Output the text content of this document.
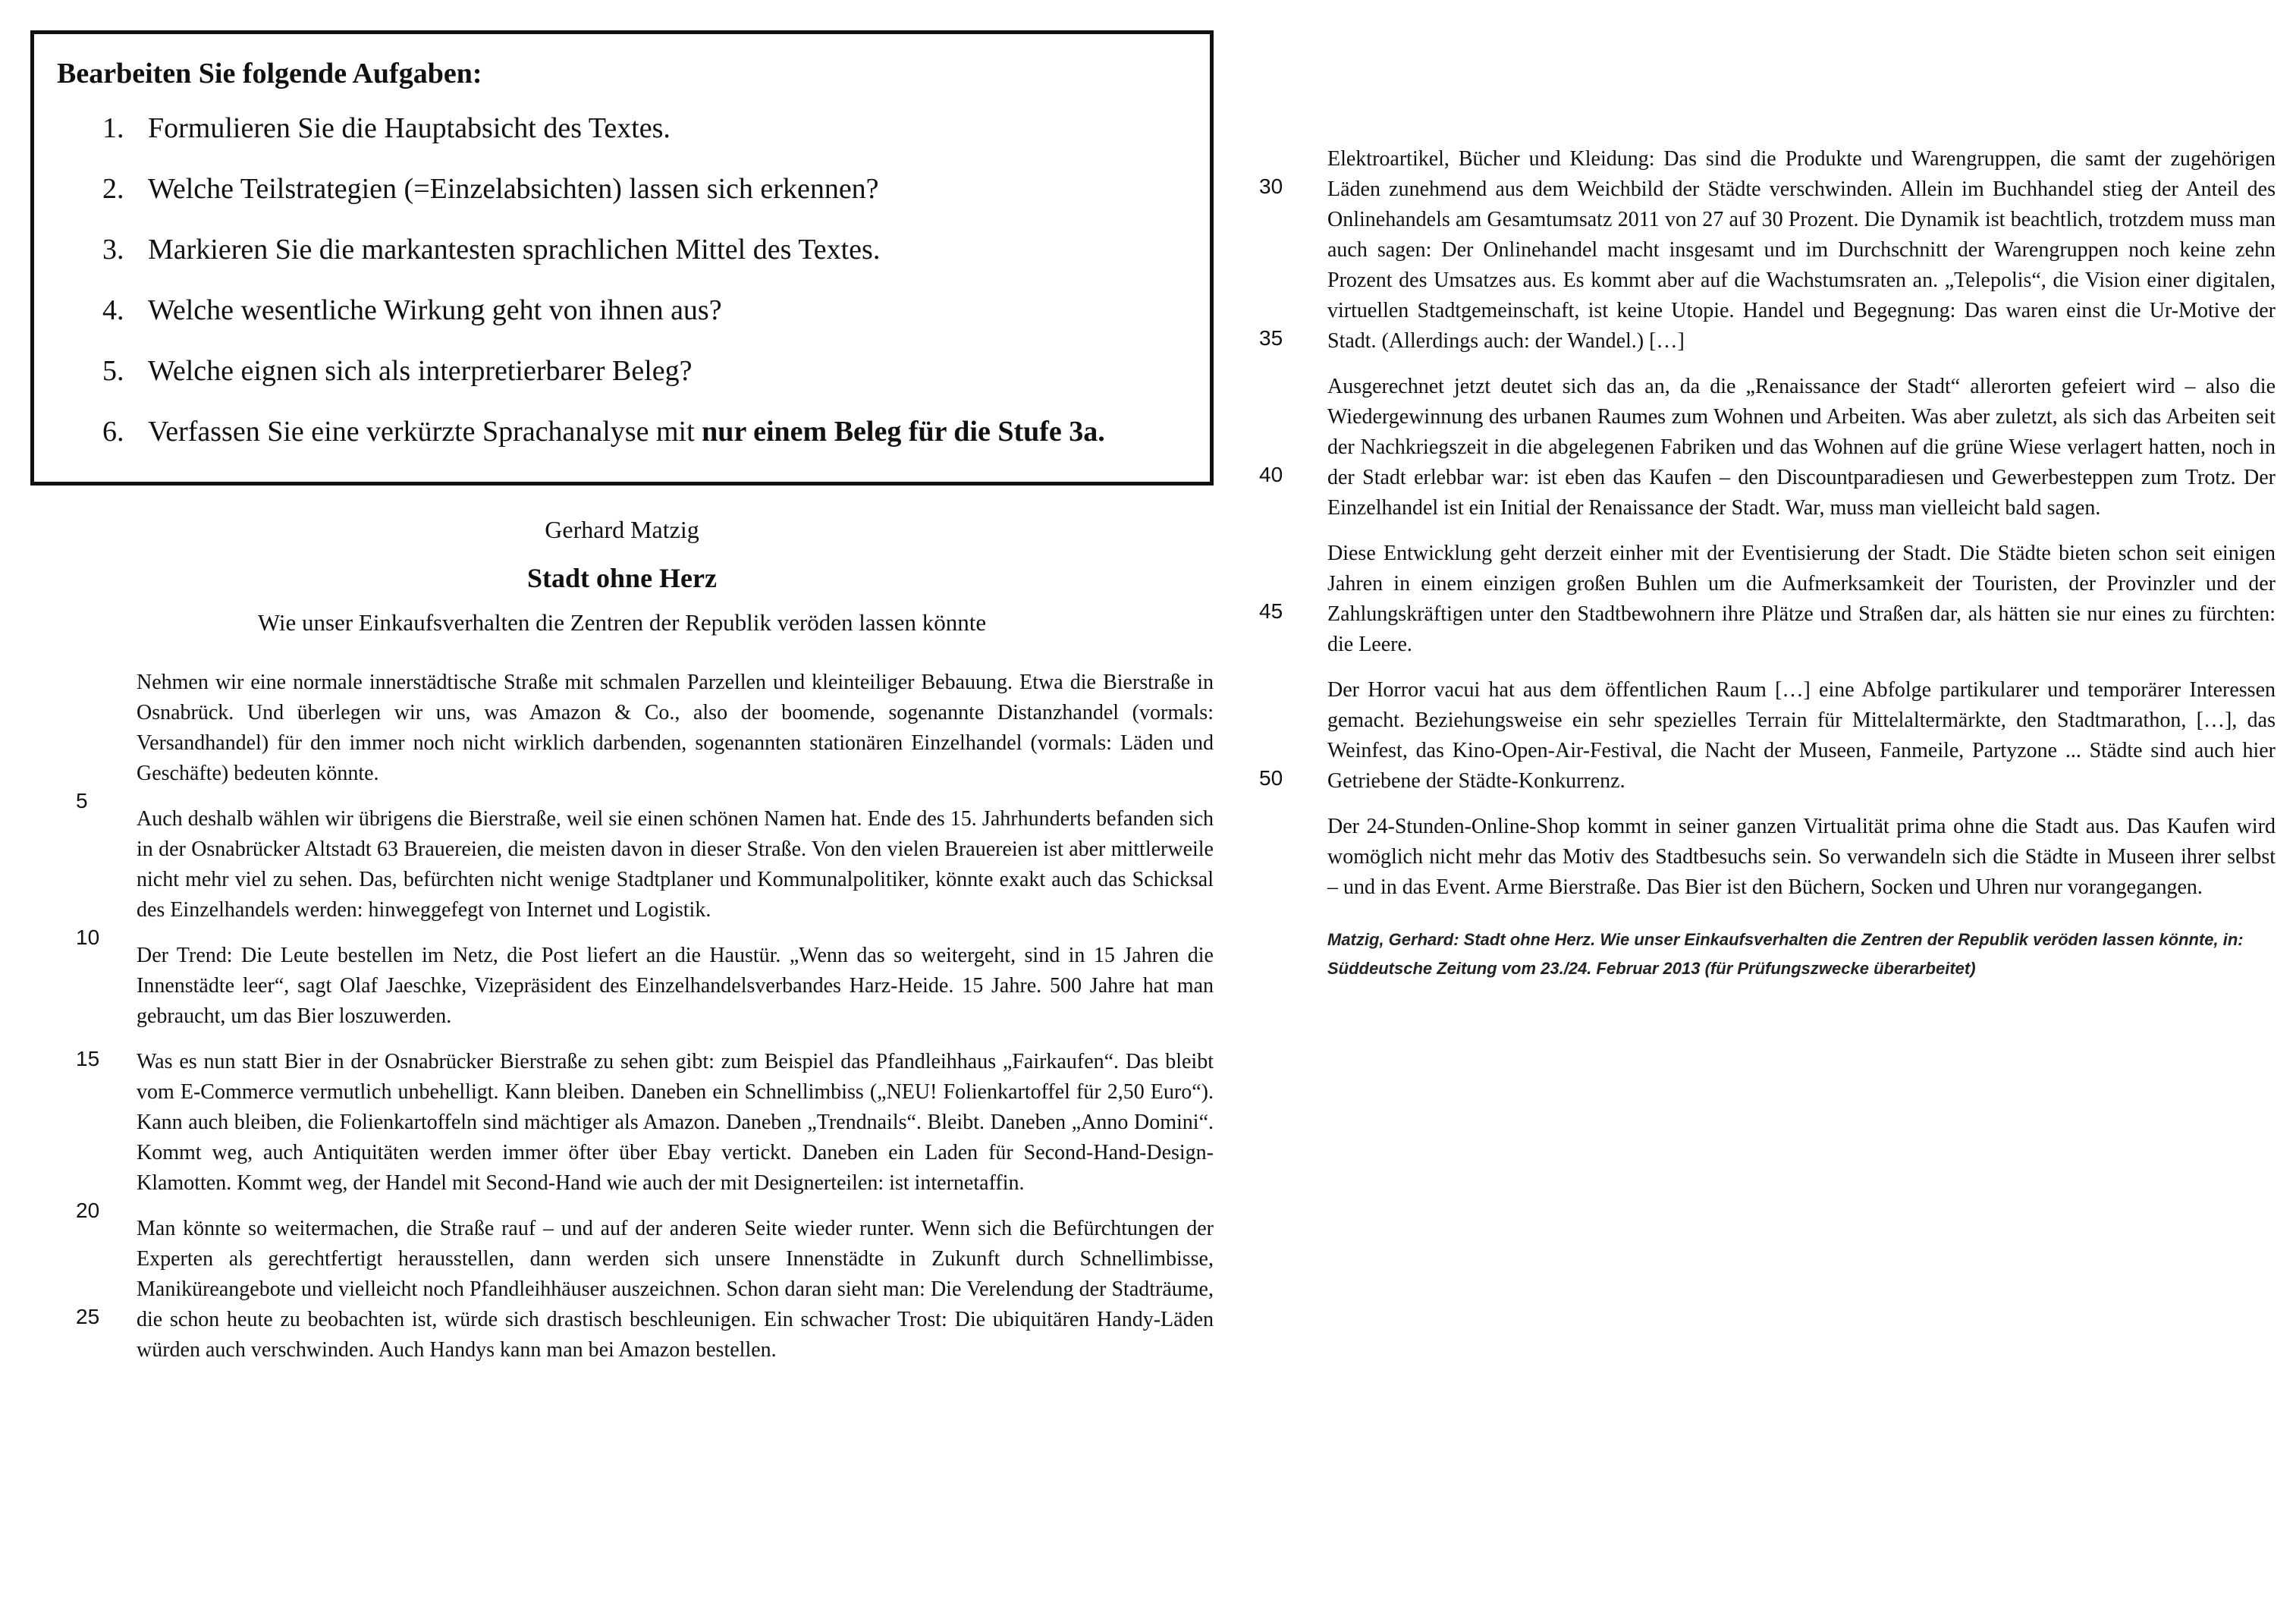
Bearbeiten Sie folgende Aufgaben:

1. Formulieren Sie die Hauptabsicht des Textes.
2. Welche Teilstrategien (=Einzelabsichten) lassen sich erkennen?
3. Markieren Sie die markantesten sprachlichen Mittel des Textes.
4. Welche wesentliche Wirkung geht von ihnen aus?
5. Welche eignen sich als interpretierbarer Beleg?
6. Verfassen Sie eine verkürzte Sprachanalyse mit nur einem Beleg für die Stufe 3a.

Gerhard Matzig

Stadt ohne Herz

Wie unser Einkaufsverhalten die Zentren der Republik veröden lassen könnte

5
Nehmen wir eine normale innerstädtische Straße mit schmalen Parzellen und kleinteiliger Bebauung. Etwa die Bierstraße in Osnabrück. Und überlegen wir uns, was Amazon & Co., also der boomende, sogenannte Distanzhandel (vormals: Versandhandel) für den immer noch nicht wirklich darbenden, sogenannten stationären Einzelhandel (vormals: Läden und Geschäfte) bedeuten könnte.
10
Auch deshalb wählen wir übrigens die Bierstraße, weil sie einen schönen Namen hat. Ende des 15. Jahrhunderts befanden sich in der Osnabrücker Altstadt 63 Brauereien, die meisten davon in dieser Straße. Von den vielen Brauereien ist aber mittlerweile nicht mehr viel zu sehen. Das, befürchten nicht wenige Stadtplaner und Kommunalpolitiker, könnte exakt auch das Schicksal des Einzelhandels werden: hinweggefegt von Internet und Logistik.
Der Trend: Die Leute bestellen im Netz, die Post liefert an die Haustür. „Wenn das so weitergeht, sind in 15 Jahren die Innenstädte leer“, sagt Olaf Jaeschke, Vizepräsident des Einzelhandelsverbandes Harz-Heide. 15 Jahre. 500 Jahre hat man gebraucht, um das Bier loszuwerden.
15
20
Was es nun statt Bier in der Osnabrücker Bierstraße zu sehen gibt: zum Beispiel das Pfandleihhaus „Fairkaufen“. Das bleibt vom E-Commerce vermutlich unbehelligt. Kann bleiben. Daneben ein Schnellimbiss („NEU! Folienkartoffel für 2,50 Euro“). Kann auch bleiben, die Folienkartoffeln sind mächtiger als Amazon. Daneben „Trendnails“. Bleibt. Daneben „Anno Domini“. Kommt weg, auch Antiquitäten werden immer öfter über Ebay vertickt. Daneben ein Laden für Second-Hand-Design-Klamotten. Kommt weg, der Handel mit Second-Hand wie auch der mit Designerteilen: ist internetaffin.
25
Man könnte so weitermachen, die Straße rauf – und auf der anderen Seite wieder runter. Wenn sich die Befürchtungen der Experten als gerechtfertigt herausstellen, dann werden sich unsere Innenstädte in Zukunft durch Schnellimbisse, Maniküreangebote und vielleicht noch Pfandleihhäuser auszeichnen. Schon daran sieht man: Die Verelendung der Stadträume, die schon heute zu beobachten ist, würde sich drastisch beschleunigen. Ein schwacher Trost: Die ubiquitären Handy-Läden würden auch verschwinden. Auch Handys kann man bei Amazon bestellen.
30
35
Elektroartikel, Bücher und Kleidung: Das sind die Produkte und Warengruppen, die samt der zugehörigen Läden zunehmend aus dem Weichbild der Städte verschwinden. Allein im Buchhandel stieg der Anteil des Onlinehandels am Gesamtumsatz 2011 von 27 auf 30 Prozent. Die Dynamik ist beachtlich, trotzdem muss man auch sagen: Der Onlinehandel macht insgesamt und im Durchschnitt der Warengruppen noch keine zehn Prozent des Umsatzes aus. Es kommt aber auf die Wachstumsraten an. „Telepolis“, die Vision einer digitalen, virtuellen Stadtgemeinschaft, ist keine Utopie. Handel und Begegnung: Das waren einst die Ur-Motive der Stadt. (Allerdings auch: der Wandel.) […]
40
Ausgerechnet jetzt deutet sich das an, da die „Renaissance der Stadt“ allerorten gefeiert wird – also die Wiedergewinnung des urbanen Raumes zum Wohnen und Arbeiten. Was aber zuletzt, als sich das Arbeiten seit der Nachkriegszeit in die abgelegenen Fabriken und das Wohnen auf die grüne Wiese verlagert hatten, noch in der Stadt erlebbar war: ist eben das Kaufen – den Discountparadiesen und Gewerbesteppen zum Trotz. Der Einzelhandel ist ein Initial der Renaissance der Stadt. War, muss man vielleicht bald sagen.
45
Diese Entwicklung geht derzeit einher mit der Eventisierung der Stadt. Die Städte bieten schon seit einigen Jahren in einem einzigen großen Buhlen um die Aufmerksamkeit der Touristen, der Provinzler und der Zahlungskräftigen unter den Stadtbewohnern ihre Plätze und Straßen dar, als hätten sie nur eines zu fürchten: die Leere.
50
Der Horror vacui hat aus dem öffentlichen Raum […] eine Abfolge partikularer und temporärer Interessen gemacht. Beziehungsweise ein sehr spezielles Terrain für Mittelaltermärkte, den Stadtmarathon, […], das Weinfest, das Kino-Open-Air-Festival, die Nacht der Museen, Fanmeile, Partyzone ... Städte sind auch hier Getriebene der Städte-Konkurrenz.
Der 24-Stunden-Online-Shop kommt in seiner ganzen Virtualität prima ohne die Stadt aus. Das Kaufen wird womöglich nicht mehr das Motiv des Stadtbesuchs sein. So verwandeln sich die Städte in Museen ihrer selbst – und in das Event. Arme Bierstraße. Das Bier ist den Büchern, Socken und Uhren nur vorangegangen.

Matzig, Gerhard: Stadt ohne Herz. Wie unser Einkaufsverhalten die Zentren der Republik veröden lassen könnte, in: Süddeutsche Zeitung vom 23./24. Februar 2013 (für Prüfungszwecke überarbeitet)
